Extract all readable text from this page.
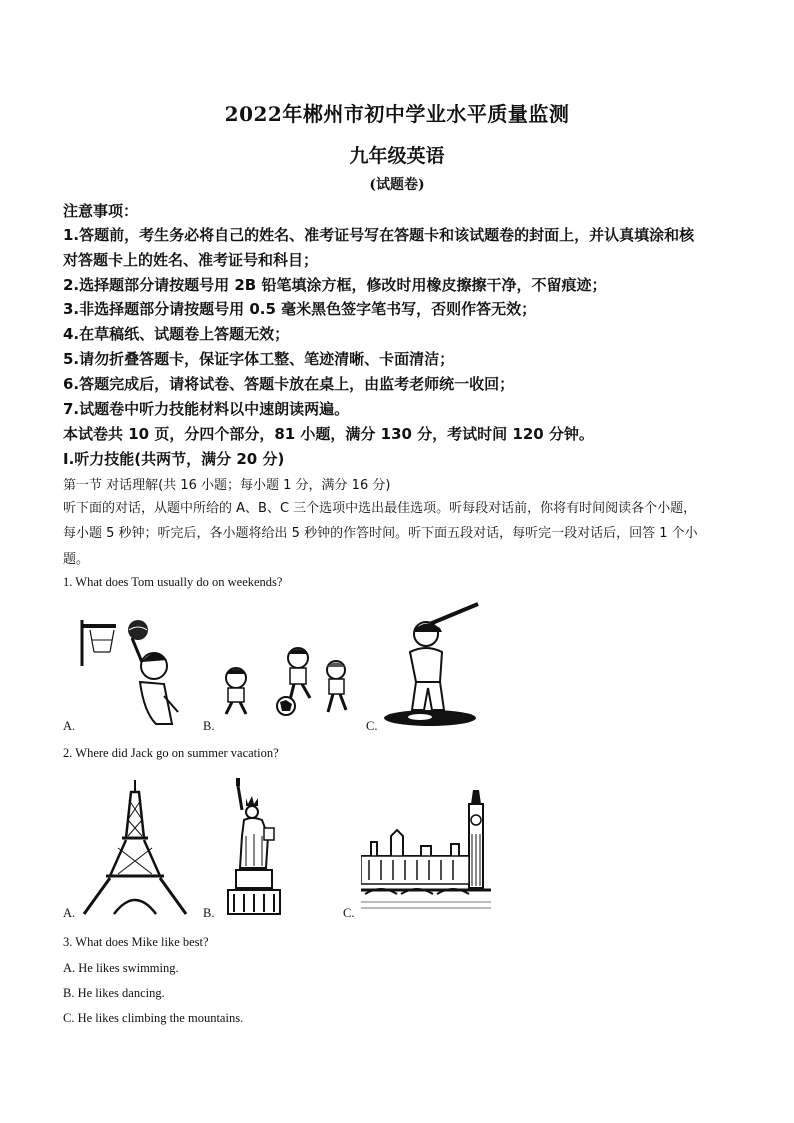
2022年郴州市初中学业水平质量监测
九年级英语
(试题卷)
注意事项：
1.答题前，考生务必将自己的姓名、准考证号写在答题卡和该试题卷的封面上，并认真填涂和核
对答题卡上的姓名、准考证号和科目；
2.选择题部分请按题号用 2B 铅笔填涂方框，修改时用橡皮擦擦干净，不留痕迹；
3.非选择题部分请按题号用 0.5 毫米黑色签字笔书写，否则作答无效；
4.在草稿纸、试题卷上答题无效；
5.请勿折叠答题卡，保证字体工整、笔迹清晰、卡面清洁；
6.答题完成后，请将试卷、答题卡放在桌上，由监考老师统一收回；
7.试题卷中听力技能材料以中速朗读两遍。
本试卷共 10 页，分四个部分，81 小题，满分 130 分，考试时间 120 分钟。
I.听力技能(共两节，满分 20 分)
第一节 对话理解(共 16 小题；每小题 1 分，满分 16 分)
听下面的对话，从题中所给的 A、B、C 三个选项中选出最佳选项。听每段对话前，你将有时间阅读各个小题，
每小题 5 秒钟；听完后，各小题将给出 5 秒钟的作答时间。听下面五段对话，每听完一段对话后，回答 1 个小
题。
1. What does Tom usually do on weekends?
A.	B.	C.
2. Where did Jack go on summer vacation?
A.	B.	C.
3. What does Mike like best?
A. He likes swimming.
B. He likes dancing.
C. He likes climbing the mountains.
